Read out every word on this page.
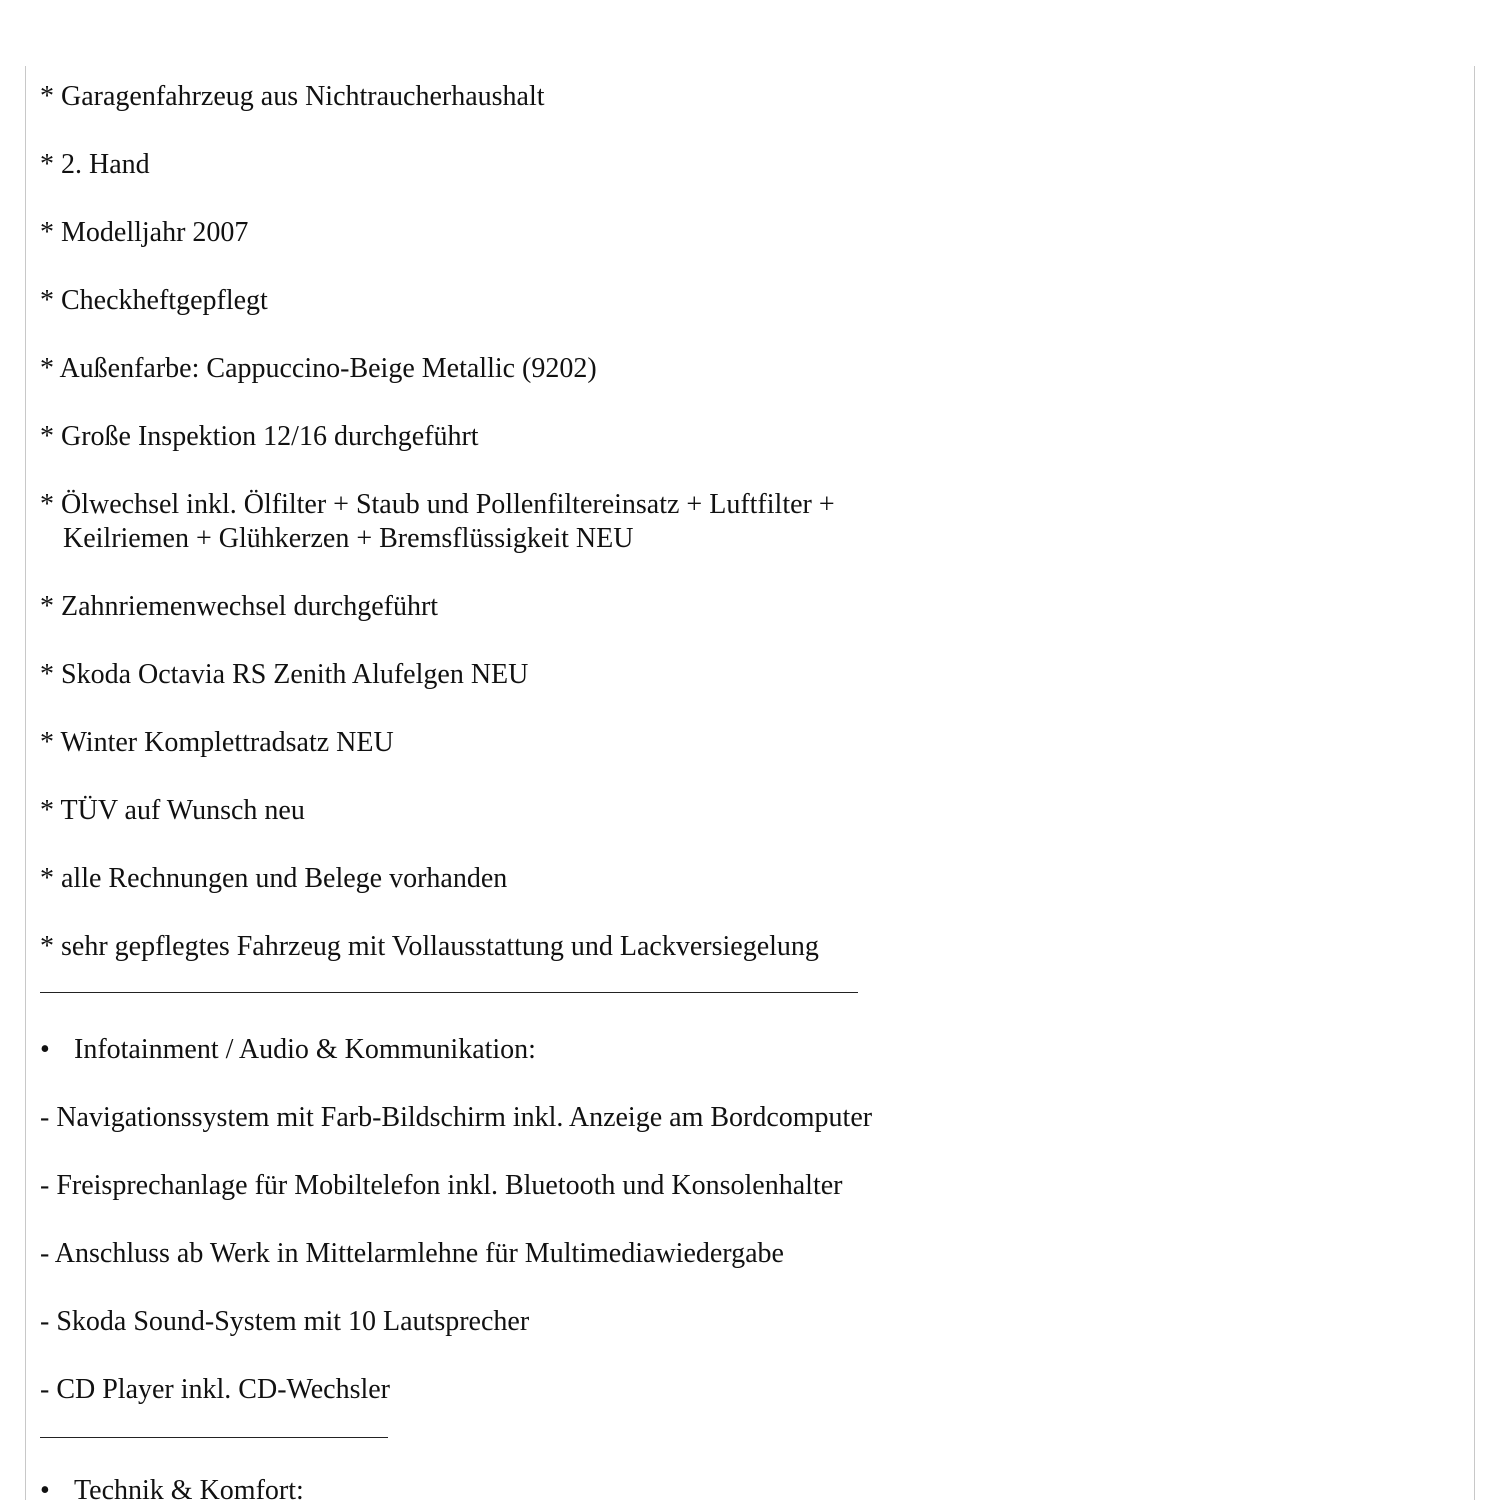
* Garagenfahrzeug aus Nichtraucherhaushalt

* 2. Hand

* Modelljahr 2007

* Checkheftgepflegt

* Außenfarbe: Cappuccino-Beige Metallic (9202)

* Große Inspektion 12/16 durchgeführt

* Ölwechsel inkl. Ölfilter + Staub und Pollenfiltereinsatz + Luftfilter + Keilriemen + Glühkerzen + Bremsflüssigkeit NEU

* Zahnriemenwechsel durchgeführt

* Skoda Octavia RS Zenith Alufelgen NEU

* Winter Komplettradsatz NEU

* TÜV auf Wunsch neu

* alle Rechnungen und Belege vorhanden

* sehr gepflegtes Fahrzeug mit Vollausstattung und Lackversiegelung

• Infotainment / Audio & Kommunikation:

- Navigationssystem mit Farb-Bildschirm inkl. Anzeige am Bordcomputer

- Freisprechanlage für Mobiltelefon inkl. Bluetooth und Konsolenhalter

- Anschluss ab Werk in Mittelarmlehne für Multimediawiedergabe

- Skoda Sound-System mit 10 Lautsprecher

- CD Player inkl. CD-Wechsler

• Technik & Komfort:
